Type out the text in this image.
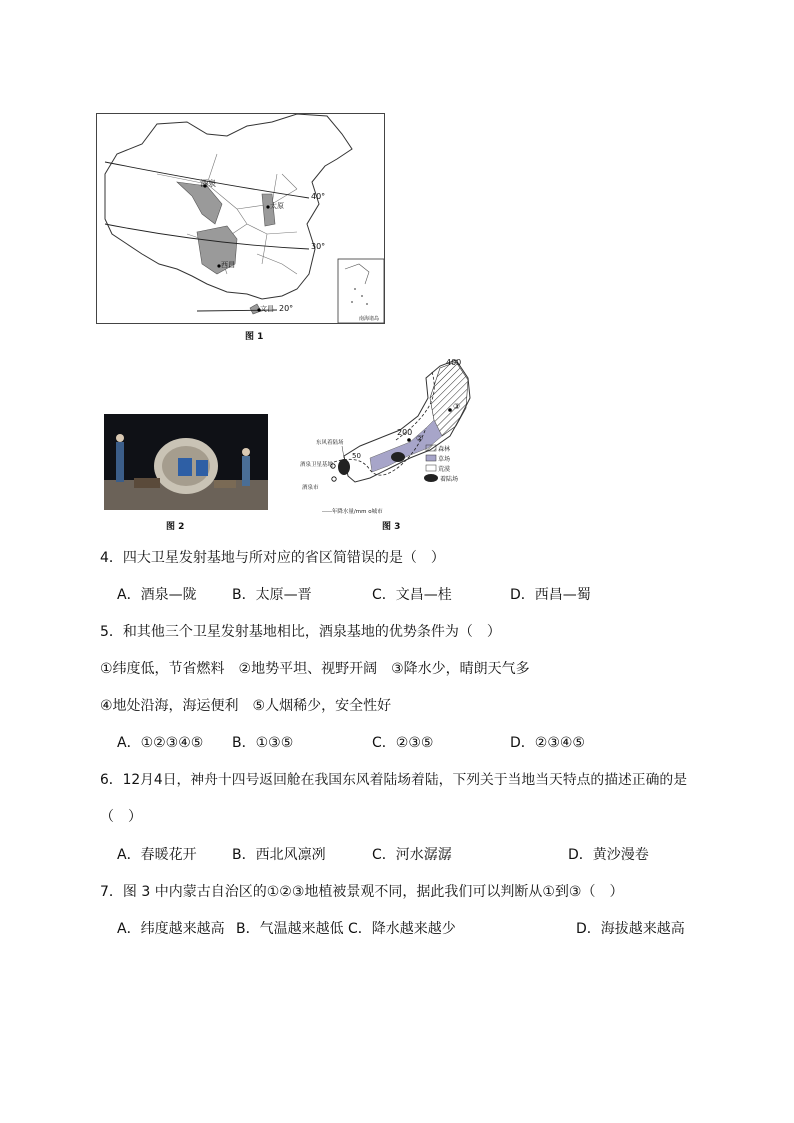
酒泉
太原
西昌
文昌
40°
30°
20°
南海诸岛
图 1
图 2
400
200
50
东风着陆场
酒泉卫星基地
酒泉市
②
③
森林
草场
荒漠
着陆场
-----年降水量/mm o城市
图 3
4．四大卫星发射基地与所对应的省区简错误的是（　）
A．酒泉—陇	B．太原—晋	C．文昌—桂	D．西昌—蜀
5．和其他三个卫星发射基地相比，酒泉基地的优势条件为（　）
①纬度低，节省燃料　②地势平坦、视野开阔　③降水少，晴朗天气多
④地处沿海，海运便利　⑤人烟稀少，安全性好
A．①②③④⑤ B．①③⑤	C．②③⑤	D．②③④⑤
6．12月4日，神舟十四号返回舱在我国东风着陆场着陆，下列关于当地当天特点的描述正确的是
（　）
A．春暖花开	B．西北风凛冽	C．河水潺潺	D．黄沙漫卷
7．图 3 中内蒙古自治区的①②③地植被景观不同，据此我们可以判断从①到③（　）
A．纬度越来越高 B．气温越来越低 C．降水越来越少	D．海拔越来越高
